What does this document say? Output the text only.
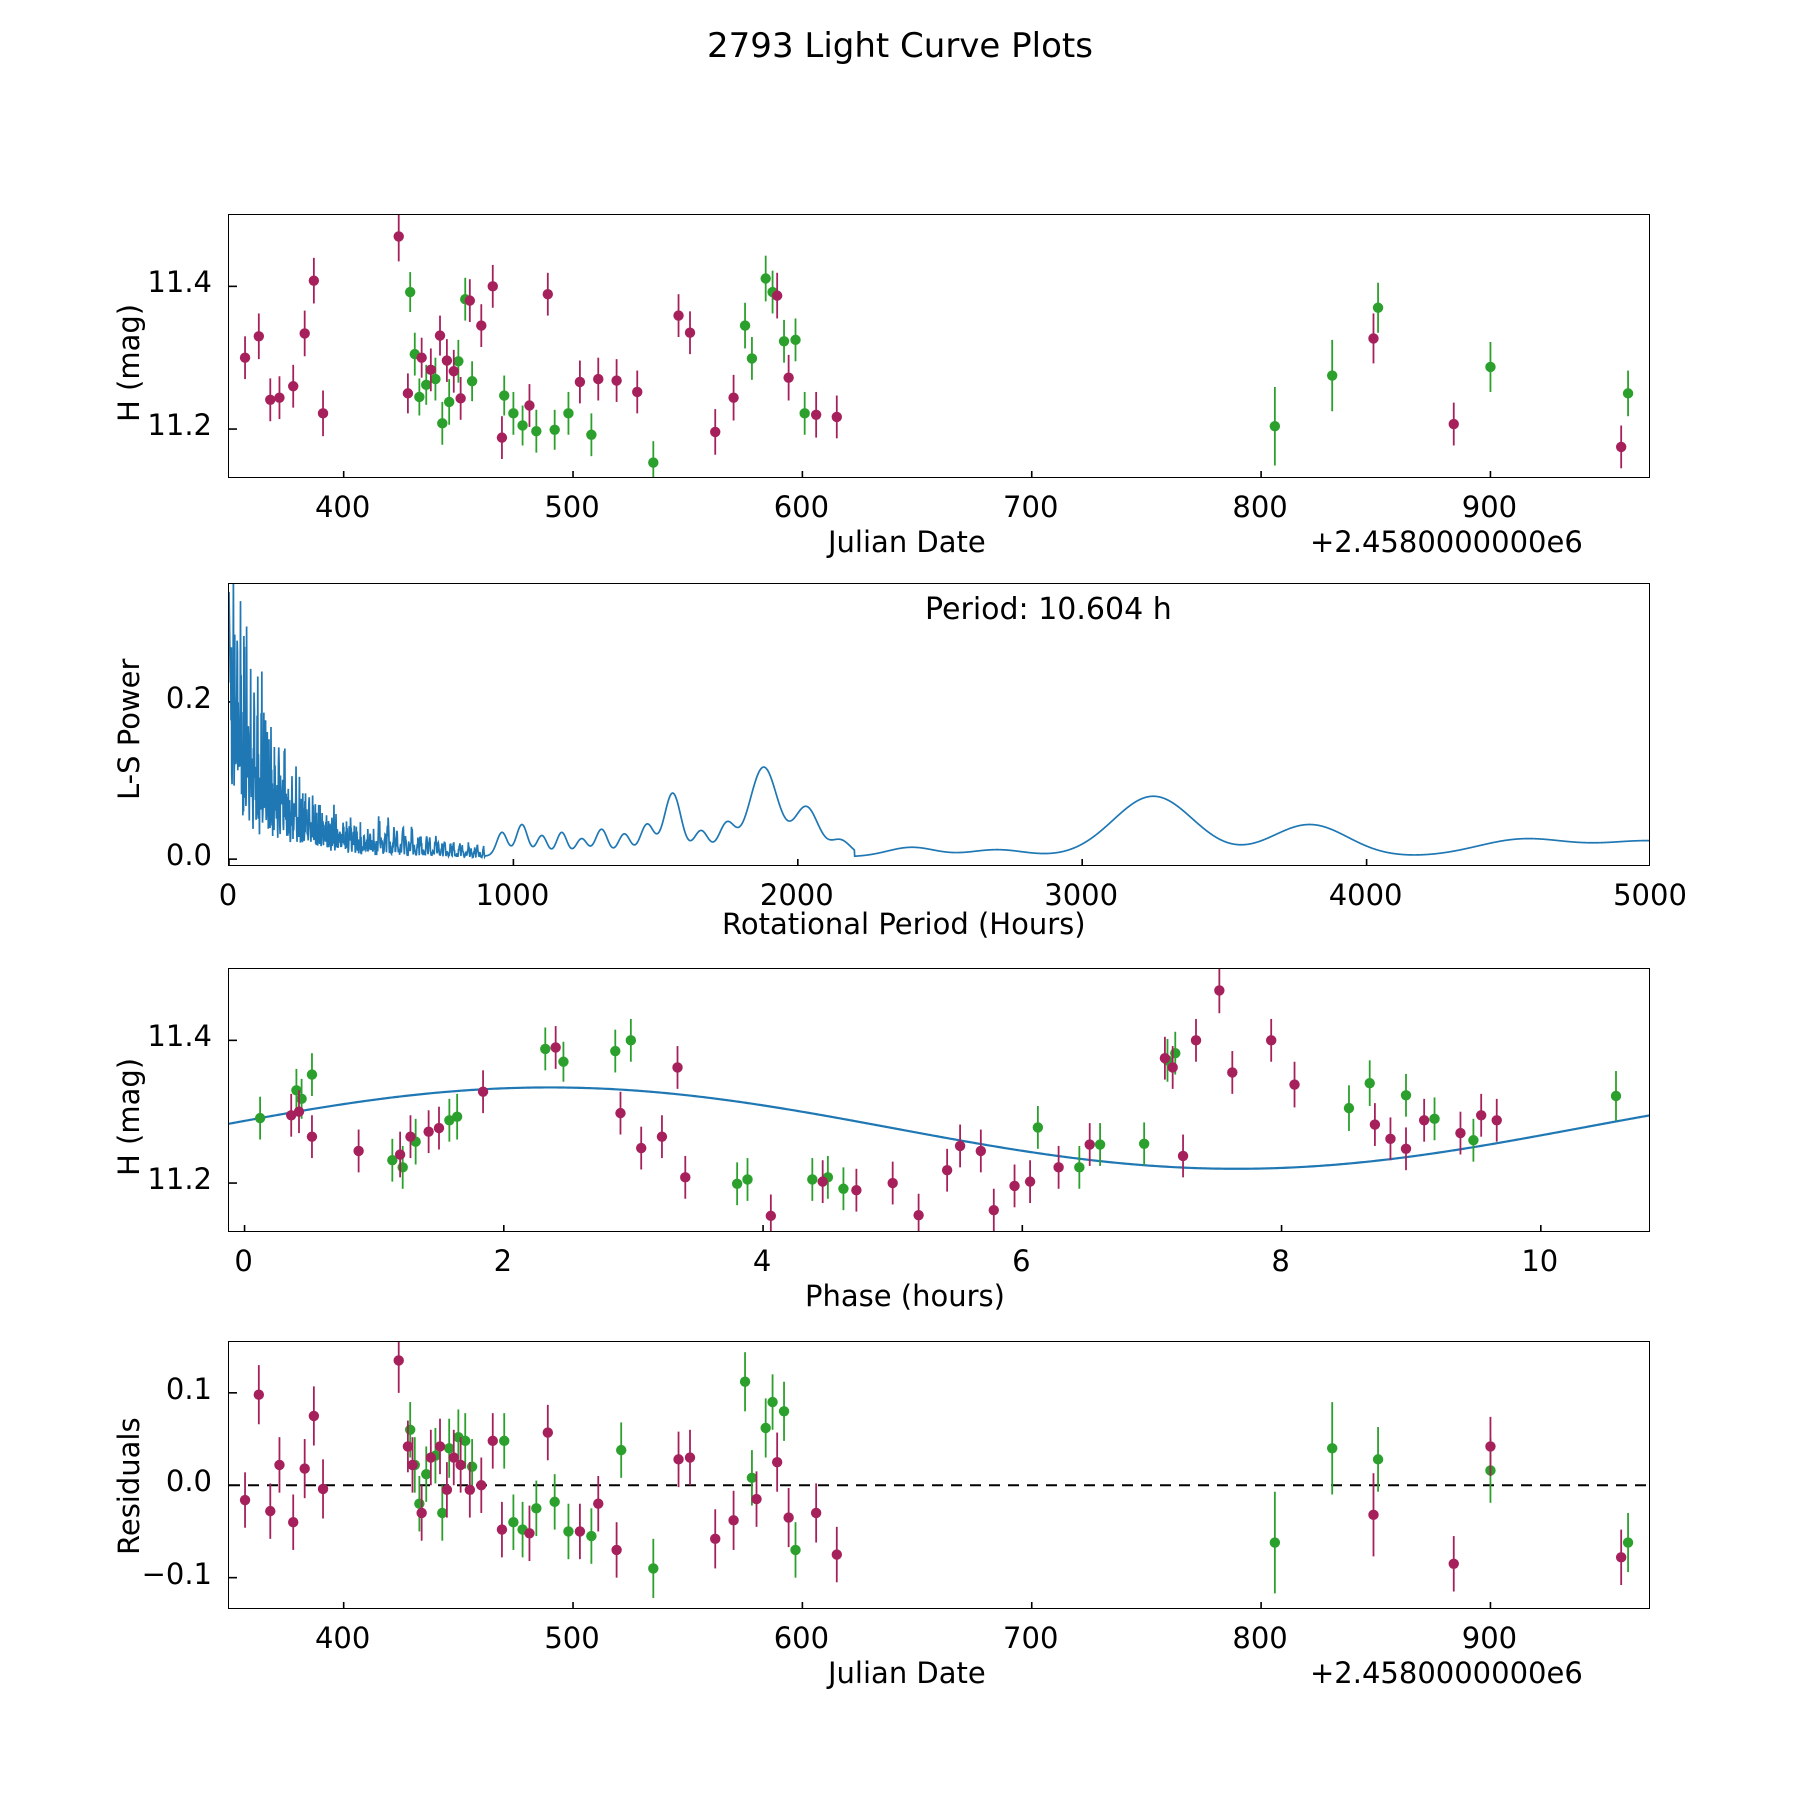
2793 Light Curve Plots
H (mag)
Julian Date	+2.4580000000e6
400	500	600	700	800	900
11.2
11.4
Period: 10.604 h
L-S Power
Rotational Period (Hours)
0	1000	2000	3000	4000	5000
0.0
0.2
H (mag)
Phase (hours)
0	2	4	6	8	10
11.2
11.4
Residuals
Julian Date	+2.4580000000e6
400	500	600	700	800	900
−0.1
0.0
0.1
